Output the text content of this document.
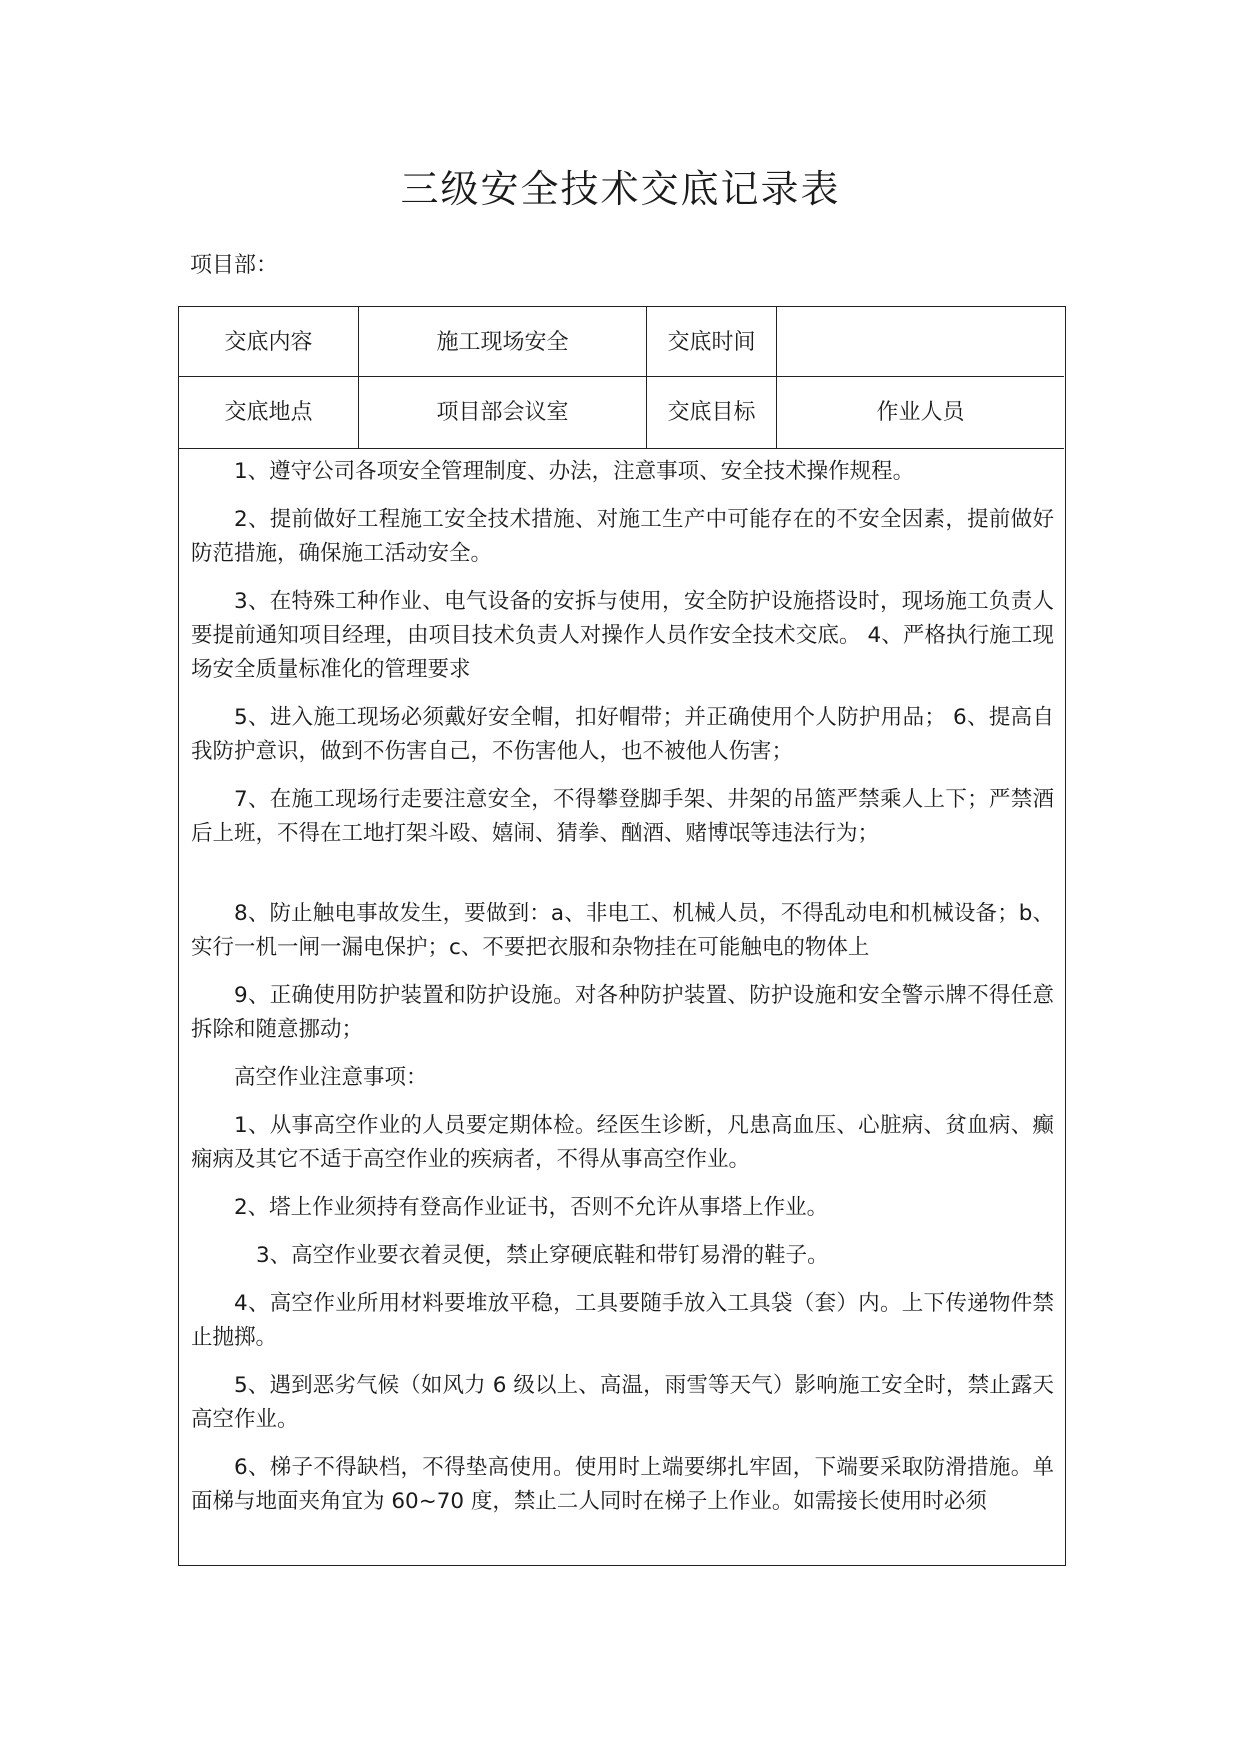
三级安全技术交底记录表
项目部：
交底内容	施工现场安全	交底时间
交底地点	项目部会议室	交底目标	作业人员

1、遵守公司各项安全管理制度、办法，注意事项、安全技术操作规程。

2、提前做好工程施工安全技术措施、对施工生产中可能存在的不安全因素，提前做好防范措施，确保施工活动安全。

3、在特殊工种作业、电气设备的安拆与使用，安全防护设施搭设时，现场施工负责人要提前通知项目经理，由项目技术负责人对操作人员作安全技术交底。 4、严格执行施工现场安全质量标准化的管理要求

5、进入施工现场必须戴好安全帽，扣好帽带；并正确使用个人防护用品； 6、提高自我防护意识，做到不伤害自己，不伤害他人，也不被他人伤害；

7、在施工现场行走要注意安全，不得攀登脚手架、井架的吊篮严禁乘人上下；严禁酒后上班，不得在工地打架斗殴、嬉闹、猜拳、酗酒、赌博氓等违法行为；

8、防止触电事故发生，要做到：a、非电工、机械人员，不得乱动电和机械设备；b、实行一机一闸一漏电保护；c、不要把衣服和杂物挂在可能触电的物体上

9、正确使用防护装置和防护设施。对各种防护装置、防护设施和安全警示牌不得任意拆除和随意挪动；

高空作业注意事项：

1、从事高空作业的人员要定期体检。经医生诊断，凡患高血压、心脏病、贫血病、癫痫病及其它不适于高空作业的疾病者，不得从事高空作业。

2、塔上作业须持有登高作业证书，否则不允许从事塔上作业。

3、高空作业要衣着灵便，禁止穿硬底鞋和带钉易滑的鞋子。

4、高空作业所用材料要堆放平稳，工具要随手放入工具袋（套）内。上下传递物件禁止抛掷。

5、遇到恶劣气候（如风力 6 级以上、高温，雨雪等天气）影响施工安全时，禁止露天高空作业。

6、梯子不得缺档，不得垫高使用。使用时上端要绑扎牢固，下端要采取防滑措施。单面梯与地面夹角宜为 60~70 度，禁止二人同时在梯子上作业。如需接长使用时必须
